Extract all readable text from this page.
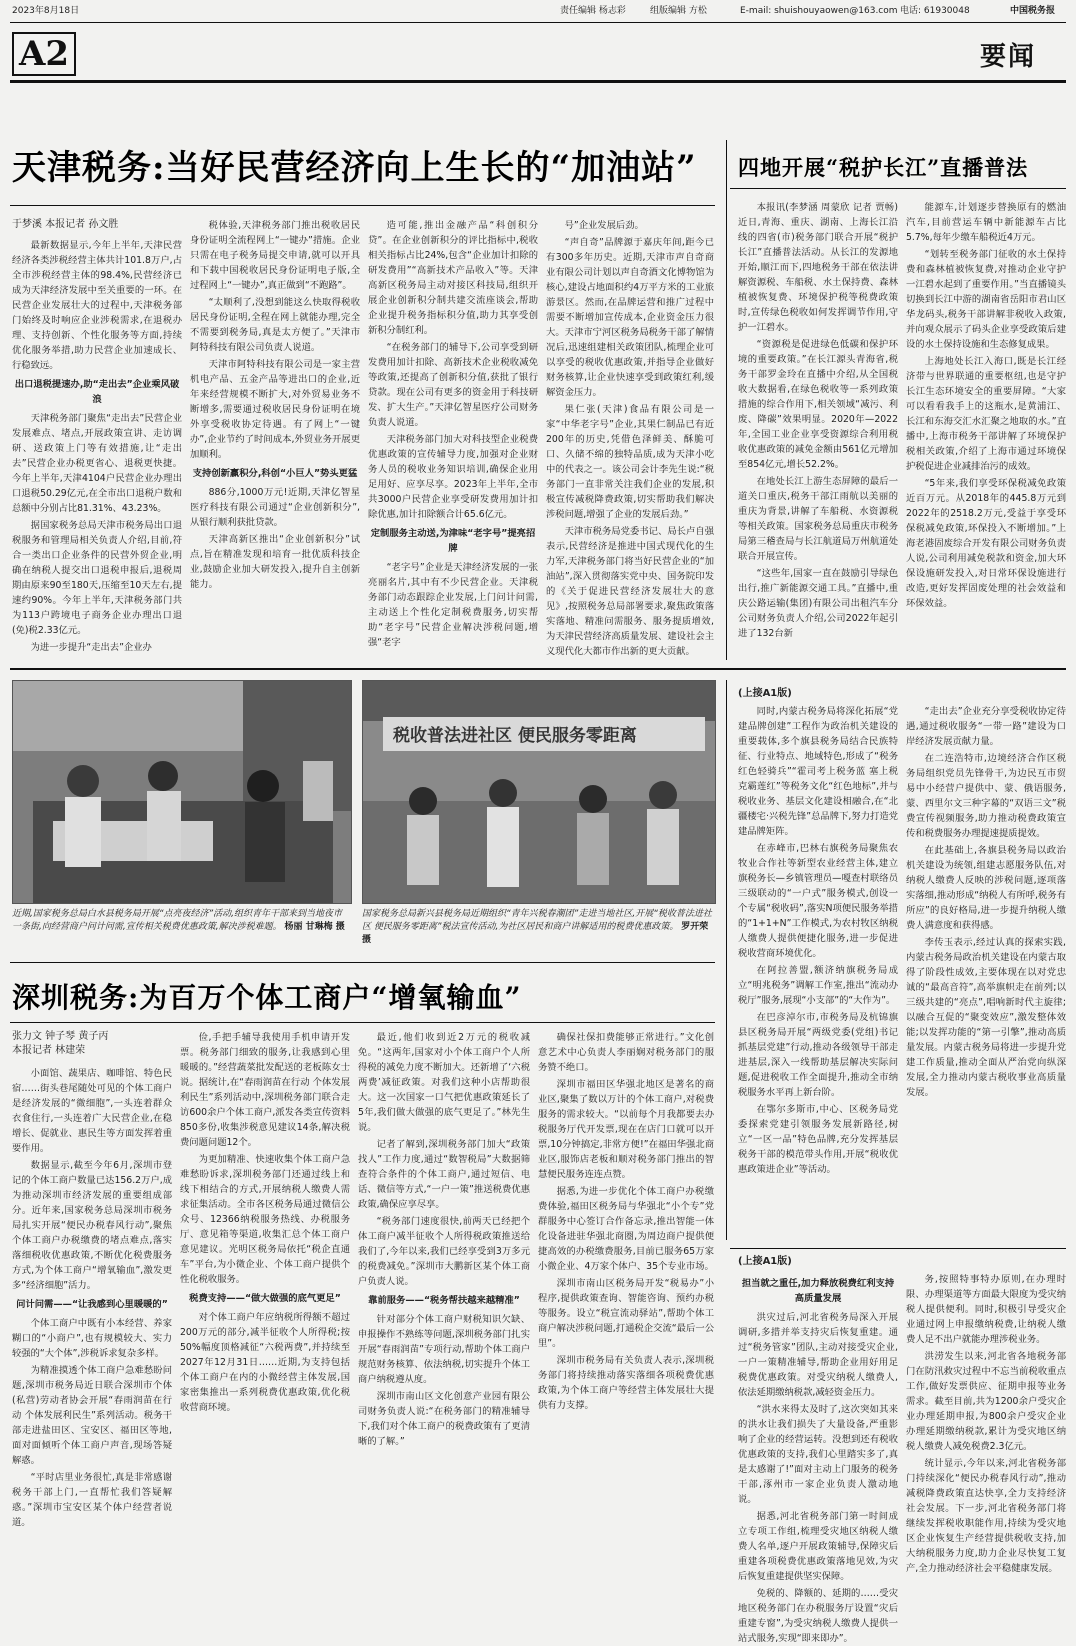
2023年8月18日	责任编辑 杨志彩	组版编辑 方松	E-mail: shuishouyaowen@163.com 电话: 61930048	中国税务报
A2	要闻
天津税务:当好民营经济向上生长的“加油站”
于梦溪 本报记者 孙文胜

最新数据显示,今年上半年,天津民营经济各类涉税经营主体共计101.8万户,占全市涉税经营主体的98.4%,民营经济已成为天津经济发展中至关重要的一环。在民营企业发展壮大的过程中,天津税务部门始终及时响应企业涉税需求,在退税办理、支持创新、个性化服务等方面,持续优化服务举措,助力民营企业加速成长、行稳致远。

出口退税提速办,助“走出去”企业乘风破浪

天津税务部门聚焦“走出去”民营企业发展难点、堵点,开展政策宣讲、走访调研、送政策上门等有效措施,让“走出去”民营企业办税更省心、退税更快捷。今年上半年,天津4104户民营企业办理出口退税50.29亿元,在全市出口退税户数和总额中分别占比81.31%、43.23%。

据国家税务总局天津市税务局出口退税服务和管理局相关负责人介绍,目前,符合一类出口企业条件的民营外贸企业,明确在纳税人提交出口退税申报后,退税周期由原来90至180天,压缩至10天左右,提速约90%。今年上半年,天津税务部门共为113户跨境电子商务企业办理出口退(免)税2.33亿元。

为进一步提升“走出去”企业办

税体验,天津税务部门推出税收居民身份证明全流程网上“一键办”措施。企业只需在电子税务局提交申请,就可以开具和下载中国税收居民身份证明电子版,全过程网上“一键办”,真正做到“不跑路”。

“太顺利了,没想到能这么快取得税收居民身份证明,全程在网上就能办理,完全不需要到税务局,真是太方便了。”天津市阿特科技有限公司负责人说道。

天津市阿特科技有限公司是一家主营机电产品、五金产品等进出口的企业,近年来经营规模不断扩大,对外贸易业务不断增多,需要通过税收居民身份证明在境外享受税收协定待遇。有了网上“一键办”,企业节约了时间成本,外贸业务开展更加顺利。

支持创新赢积分,科创“小巨人”势头更猛

886分,1000万元!近期,天津亿智星医疗科技有限公司通过“企业创新积分”,从银行顺利获批贷款。

天津高新区推出“企业创新积分”试点,旨在精准发现和培育一批优质科技企业,鼓励企业加大研发投入,提升自主创新能力。

造可能,推出金融产品“科创积分贷”。在企业创新积分的评比指标中,税收相关指标占比24%,包含“企业加计扣除的研发费用”“高新技术产品收入”等。天津高新区税务局主动对接区科技局,组织开展企业创新积分制共建交流座谈会,帮助企业提升税务指标积分值,助力其享受创新积分制红利。

“在税务部门的辅导下,公司享受到研发费用加计扣除、高新技术企业税收减免等政策,还提高了创新积分值,获批了银行贷款。现在公司有更多的资金用于科技研发、扩大生产。”天津亿智星医疗公司财务负责人说道。

天津税务部门加大对科技型企业税费优惠政策的宣传辅导力度,加强对企业财务人员的税收业务知识培训,确保企业用足用好、应享尽享。2023年上半年,全市共3000户民营企业享受研发费用加计扣除优惠,加计扣除额合计65.6亿元。

定制服务主动送,为津味“老字号”提亮招牌

“老字号”企业是天津经济发展的一张亮丽名片,其中有不少民营企业。天津税务部门动态跟踪企业发展,上门问计问需,主动送上个性化定制税费服务,切实帮助“老字号”民营企业解决涉税问题,增强“老字

号”企业发展后劲。

“声自奇”品牌源于嘉庆年间,距今已有300多年历史。近期,天津市声自奇商业有限公司计划以声自奇酒文化博物馆为核心,建设占地面积约4万平方米的工业旅游景区。然而,在品牌运营和推广过程中需要不断增加宣传成本,企业资金压力很大。天津市宁河区税务局税务干部了解情况后,迅速组建相关政策团队,梳理企业可以享受的税收优惠政策,并指导企业做好财务核算,让企业快速享受到政策红利,缓解资金压力。

果仁张(天津)食品有限公司是一家“中华老字号”企业,其果仁制品已有近200年的历史,凭借色泽鲜美、酥脆可口、久储不绵的独特品质,成为天津小吃中的代表之一。该公司会计李先生说:“税务部门一直非常关注我们企业的发展,积极宣传减税降费政策,切实帮助我们解决涉税问题,增强了企业的发展后劲。”

天津市税务局党委书记、局长卢自强表示,民营经济是推进中国式现代化的生力军,天津税务部门将当好民营企业的“加油站”,深入贯彻落实党中央、国务院印发的《关于促进民营经济发展壮大的意见》,按照税务总局部署要求,聚焦政策落实落地、精准问需服务、服务提质增效,为天津民营经济高质量发展、建设社会主义现代化大都市作出新的更大贡献。

四地开展“税护长江”直播普法

本报讯(李梦涵 周蒙欣 记者 贾畅)近日,青海、重庆、湖南、上海长江沿线的四省(市)税务部门联合开展“税护长江”直播普法活动。从长江的发源地开始,顺江而下,四地税务干部在依法讲解资源税、车船税、水土保持费、森林植被恢复费、环境保护税等税费政策时,宣传绿色税收如何发挥调节作用,守护一江碧水。

“资源税是促进绿色低碳和保护环境的重要政策。”在长江源头青海省,税务干部罗金玲在直播中介绍,从全国税收大数据看,在绿色税收等一系列政策措施的综合作用下,相关领域“减污、利废、降碳”效果明显。2020年—2022年,全国工业企业享受资源综合利用税收优惠政策的减免金额由561亿元增加至854亿元,增长52.2%。

在地处长江上游生态屏障的最后一道关口重庆,税务干部江雨航以美丽的重庆为背景,讲解了车船税、水资源税等相关政策。国家税务总局重庆市税务局第三稽查局与长江航道局万州航道处联合开展宣传。

“这些年,国家一直在鼓励引导绿色出行,推广新能源交通工具。”直播中,重庆公路运输(集团)有限公司出租汽车分公司财务负责人介绍,公司2022年起引进了132台新

能源车,计划逐步替换原有的燃油汽车,目前营运车辆中新能源车占比5.7%,每年少缴车船税近4万元。

“划转至税务部门征收的水土保持费和森林植被恢复费,对推动企业守护一江碧水起到了重要作用。”当直播镜头切换到长江中游的湖南省岳阳市君山区华龙码头,税务干部讲解非税收入政策,并向观众展示了码头企业享受政策后建设的水土保持设施和生态修复成果。

上海地处长江入海口,既是长江经济带与世界联通的重要枢纽,也是守护长江生态环境安全的重要屏障。“大家可以看看我手上的这瓶水,是黄浦江、长江和东海交汇水汇聚之地取的水。”直播中,上海市税务干部讲解了环境保护税相关政策,介绍了上海市通过环境保护税促进企业减排治污的成效。

“5年来,我们享受环保税减免政策近百万元。从2018年的445.8万元到2022年的2518.2万元,受益于享受环保税减免政策,环保投入不断增加。”上海老港固废综合开发有限公司财务负责人说,公司利用减免税款和资金,加大环保设施研发投入,对日常环保设施进行改造,更好发挥固废处理的社会效益和环保效益。

税收普法进社区 便民服务零距离
近期,国家税务总局白水县税务局开展“点亮夜经济”活动,组织青年干部来到当地夜市一条街,向经营商户问计问需,宣传相关税费优惠政策,解决涉税难题。 杨丽 甘琳梅 摄
国家税务总局新兴县税务局近期组织“青年兴税春潮团”走进当地社区,开展“税收普法进社区 便民服务零距离”税法宣传活动,为社区居民和商户讲解适用的税费优惠政策。 罗开荣 摄
(上接A1版)

同时,内蒙古税务局将深化拓展“党建品牌创建”工程作为政治机关建设的重要载体,多个旗县税务局结合民族特征、行业特点、地域特色,形成了“税务红色轻骑兵”“霍司考上税务蓝 塞上税克霸莲红”等税务文化“红色地标”,并与税收业务、基层文化建设相融合,在“北疆楼宅·兴税先锋”总品牌下,努力打造党建品牌矩阵。

在赤峰市,巴林右旗税务局聚焦农牧业合作社等新型农业经营主体,建立旗税务长—乡镇管理员—嘎查村联络员三级联动的“一户式”服务模式,创设一个专属“税收码”,落实N项便民服务举措的“1+1+N”工作模式,为农村牧区纳税人缴费人提供便捷化服务,进一步促进税收营商环境优化。

在阿拉善盟,额济纳旗税务局成立“明兆税务”调解工作室,推出“流动办税厅”服务,展现“小支部”的“大作为”。

在巴彦淖尔市,市税务局及杭锦旗县区税务局开展“两级党委(党组)书记抓基层党建”行动,推动各级领导干部走进基层,深入一线帮助基层解决实际问题,促进税收工作全面提升,推动全市纳税服务水平再上新台阶。

在鄂尔多斯市,中心、区税务局党委探索党建引领服务发展新路径,树立“一区一品”特色品牌,充分发挥基层税务干部的模范带头作用,开展“税收优惠政策进企业”等活动。

“走出去”企业充分享受税收协定待遇,通过税收服务“一带一路”建设为口岸经济发展贡献力量。

在二连浩特市,边境经济合作区税务局组织党员先锋骨干,为边民互市贸易中小经营户提供中、蒙、俄语服务,蒙、西里尔文三种字幕的“双语三文”税费宣传视频服务,助力推动税费政策宣传和税费服务办理提速提质提效。

在此基础上,各旗县税务局以政治机关建设为统领,组建志愿服务队伍,对纳税人缴费人反映的涉税问题,逐项落实落细,推动形成“纳税人有所呼,税务有所应”的良好格局,进一步提升纳税人缴费人满意度和获得感。

李传玉表示,经过认真的探索实践,内蒙古税务局政治机关建设在内蒙古取得了阶段性成效,主要体现在以对党忠诚的“最高音符”,高举旗帜走在前列;以三级共建的“亮点”,唱响新时代主旋律;以融合互促的“聚变效应”,激发整体效能;以发挥功能的“第一引擎”,推动高质量发展。内蒙古税务局将进一步提升党建工作质量,推动全面从严治党向纵深发展,全力推动内蒙古税收事业高质量发展。

深圳税务:为百万个体工商户“增氧输血”
张力文 钟子琴 黄子丙
本报记者 林建荣

小面馆、蔬果店、咖啡馆、特色民宿……街头巷尾随处可见的个体工商户是经济发展的“微细胞”,一头连着群众衣食住行,一头连着广大民营企业,在稳增长、促就业、惠民生等方面发挥着重要作用。

数据显示,截至今年6月,深圳市登记的个体工商户数量已达156.2万户,成为推动深圳市经济发展的重要组成部分。近年来,国家税务总局深圳市税务局扎实开展“便民办税春风行动”,聚焦个体工商户办税缴费的堵点难点,落实落细税收优惠政策,不断优化税费服务方式,为个体工商户“增氧输血”,激发更多“经济细胞”活力。

问计问需——“让我感到心里暖暖的”

个体工商户中既有小本经营、养家糊口的“小商户”,也有规模较大、实力较强的“大个体”,涉税诉求复杂多样。

为精准摸透个体工商户急难愁盼问题,深圳市税务局近日联合深圳市个体(私营)劳动者协会开展“春雨润苗在行动 个体发展利民生”系列活动。税务干部走进盐田区、宝安区、福田区等地,面对面倾听个体工商户声音,现场答疑解惑。

“平时店里业务很忙,真是非常感谢税务干部上门,一直帮忙我们答疑解惑。”深圳市宝安区某个体户经营者说道。

俭,手把手辅导我使用手机申请开发票。税务部门细致的服务,让我感到心里暖暖的。”经营蔬菜批发配送的老板陈女士说。据统计,在“春雨润苗在行动 个体发展利民生”系列活动中,深圳税务部门联合走访600余户个体工商户,派发各类宣传资料850多份,收集涉税意见建议14条,解决税费问题问题12个。

为更加精准、快速收集个体工商户急难愁盼诉求,深圳税务部门还通过线上和线下相结合的方式,开展纳税人缴费人需求征集活动。全市各区税务局通过微信公众号、12366纳税服务热线、办税服务厅、意见箱等渠道,收集汇总个体工商户意见建议。光明区税务局依托“税企直通车”平台,为小微企业、个体工商户提供个性化税收服务。

税费支持——“做大做强的底气更足”

对个体工商户年应纳税所得额不超过200万元的部分,减半征收个人所得税;按50%幅度顶格减征“六税两费”,并持续至2027年12月31日……近期,为支持包括个体工商户在内的小微经营主体发展,国家密集推出一系列税费优惠政策,优化税收营商环境。

最近,他们收到近2万元的税收减免。“这两年,国家对小个体工商户个人所得税的减免力度不断加大。还新增了‘六税两费’减征政策。对我们这种小店帮助很大。这一次国家一口气把优惠政策延长了5年,我们做大做强的底气更足了。”林先生说。

记者了解到,深圳税务部门加大“政策找人”工作力度,通过“数智税局”大数据筛查符合条件的个体工商户,通过短信、电话、微信等方式,“一户一策”推送税费优惠政策,确保应享尽享。

“税务部门速度很快,前两天已经把个体工商户减半征收个人所得税政策推送给我们了,今年以来,我们已经享受到3万多元的税费减免。”深圳市大鹏新区某个体工商户负责人说。

靠前服务——“税务帮扶越来越精准”

针对部分个体工商户财税知识欠缺、申报操作不熟练等问题,深圳税务部门扎实开展“春雨润苗”专项行动,帮助个体工商户规范财务核算、依法纳税,切实提升个体工商户纳税遵从度。

深圳市南山区文化创意产业园有限公司财务负责人说:“在税务部门的精准辅导下,我们对个体工商户的税费政策有了更清晰的了解。”

确保社保扣费能够正常进行。”文化创意艺术中心负责人李丽娴对税务部门的服务赞不绝口。

深圳市福田区华强北地区是著名的商业区,聚集了数以万计的个体工商户,对税费服务的需求较大。“以前每个月我都要去办税服务厅代开发票,现在在店门口就可以开票,10分钟搞定,非常方便!”在福田华强北商业区,服饰店老板和顺对税务部门推出的智慧便民服务连连点赞。

据悉,为进一步优化个体工商户办税缴费体验,福田区税务局与华强北“小个专”党群服务中心签订合作备忘录,推出智能一体化设备进驻华强北商圈,为周边商户提供便捷高效的办税缴费服务,目前已服务65万家小微企业、4万家个体户、35个专业市场。

深圳市南山区税务局开发“税易办”小程序,提供政策查询、智能咨询、预约办税等服务。设立“税宣流动驿站”,帮助个体工商户解决涉税问题,打通税企交流“最后一公里”。

深圳市税务局有关负责人表示,深圳税务部门将持续推动落实落细各项税费优惠政策,为个体工商户等经营主体发展壮大提供有力支撑。

(上接A1版)

担当就之重任,加力释放税费红利支持高质量发展

洪灾过后,河北省税务局深入开展调研,多措并举支持灾后恢复重建。通过“税务管家”团队,主动对接受灾企业,一户一策精准辅导,帮助企业用好用足税费优惠政策。对受灾纳税人缴费人,依法延期缴纳税款,减轻资金压力。

“洪水来得太及时了,这次突如其来的洪水让我们损失了大量设备,严重影响了企业的经营运转。没想到还有税收优惠政策的支持,我们心里踏实多了,真是太感谢了!”面对主动上门服务的税务干部,涿州市一家企业负责人激动地说。

据悉,河北省税务部门第一时间成立专项工作组,梳理受灾地区纳税人缴费人名单,逐户开展政策辅导,保障灾后重建各项税费优惠政策落地见效,为灾后恢复重建提供坚实保障。

免税的、降额的、延期的……受灾地区税务部门在办税服务厅设置“灾后重建专窗”,为受灾纳税人缴费人提供一站式服务,实现“即来即办”。

务,按照特事特办原则,在办理时限、办理渠道等方面最大限度为受灾纳税人提供便利。同时,积极引导受灾企业通过网上申报缴纳税费,让纳税人缴费人足不出户就能办理涉税业务。

洪涝发生以来,河北省各地税务部门在防汛救灾过程中不忘当前税收重点工作,做好发票供应、征期申报等业务需求。截至目前,共为1200余户受灾企业办理延期申报,为800余户受灾企业办理延期缴纳税款,累计为受灾地区纳税人缴费人减免税费2.3亿元。

统计显示,今年以来,河北省税务部门持续深化“便民办税春风行动”,推动减税降费政策直达快享,全力支持经济社会发展。下一步,河北省税务部门将继续发挥税收职能作用,持续为受灾地区企业恢复生产经营提供税收支持,加大纳税服务力度,助力企业尽快复工复产,全力推动经济社会平稳健康发展。
